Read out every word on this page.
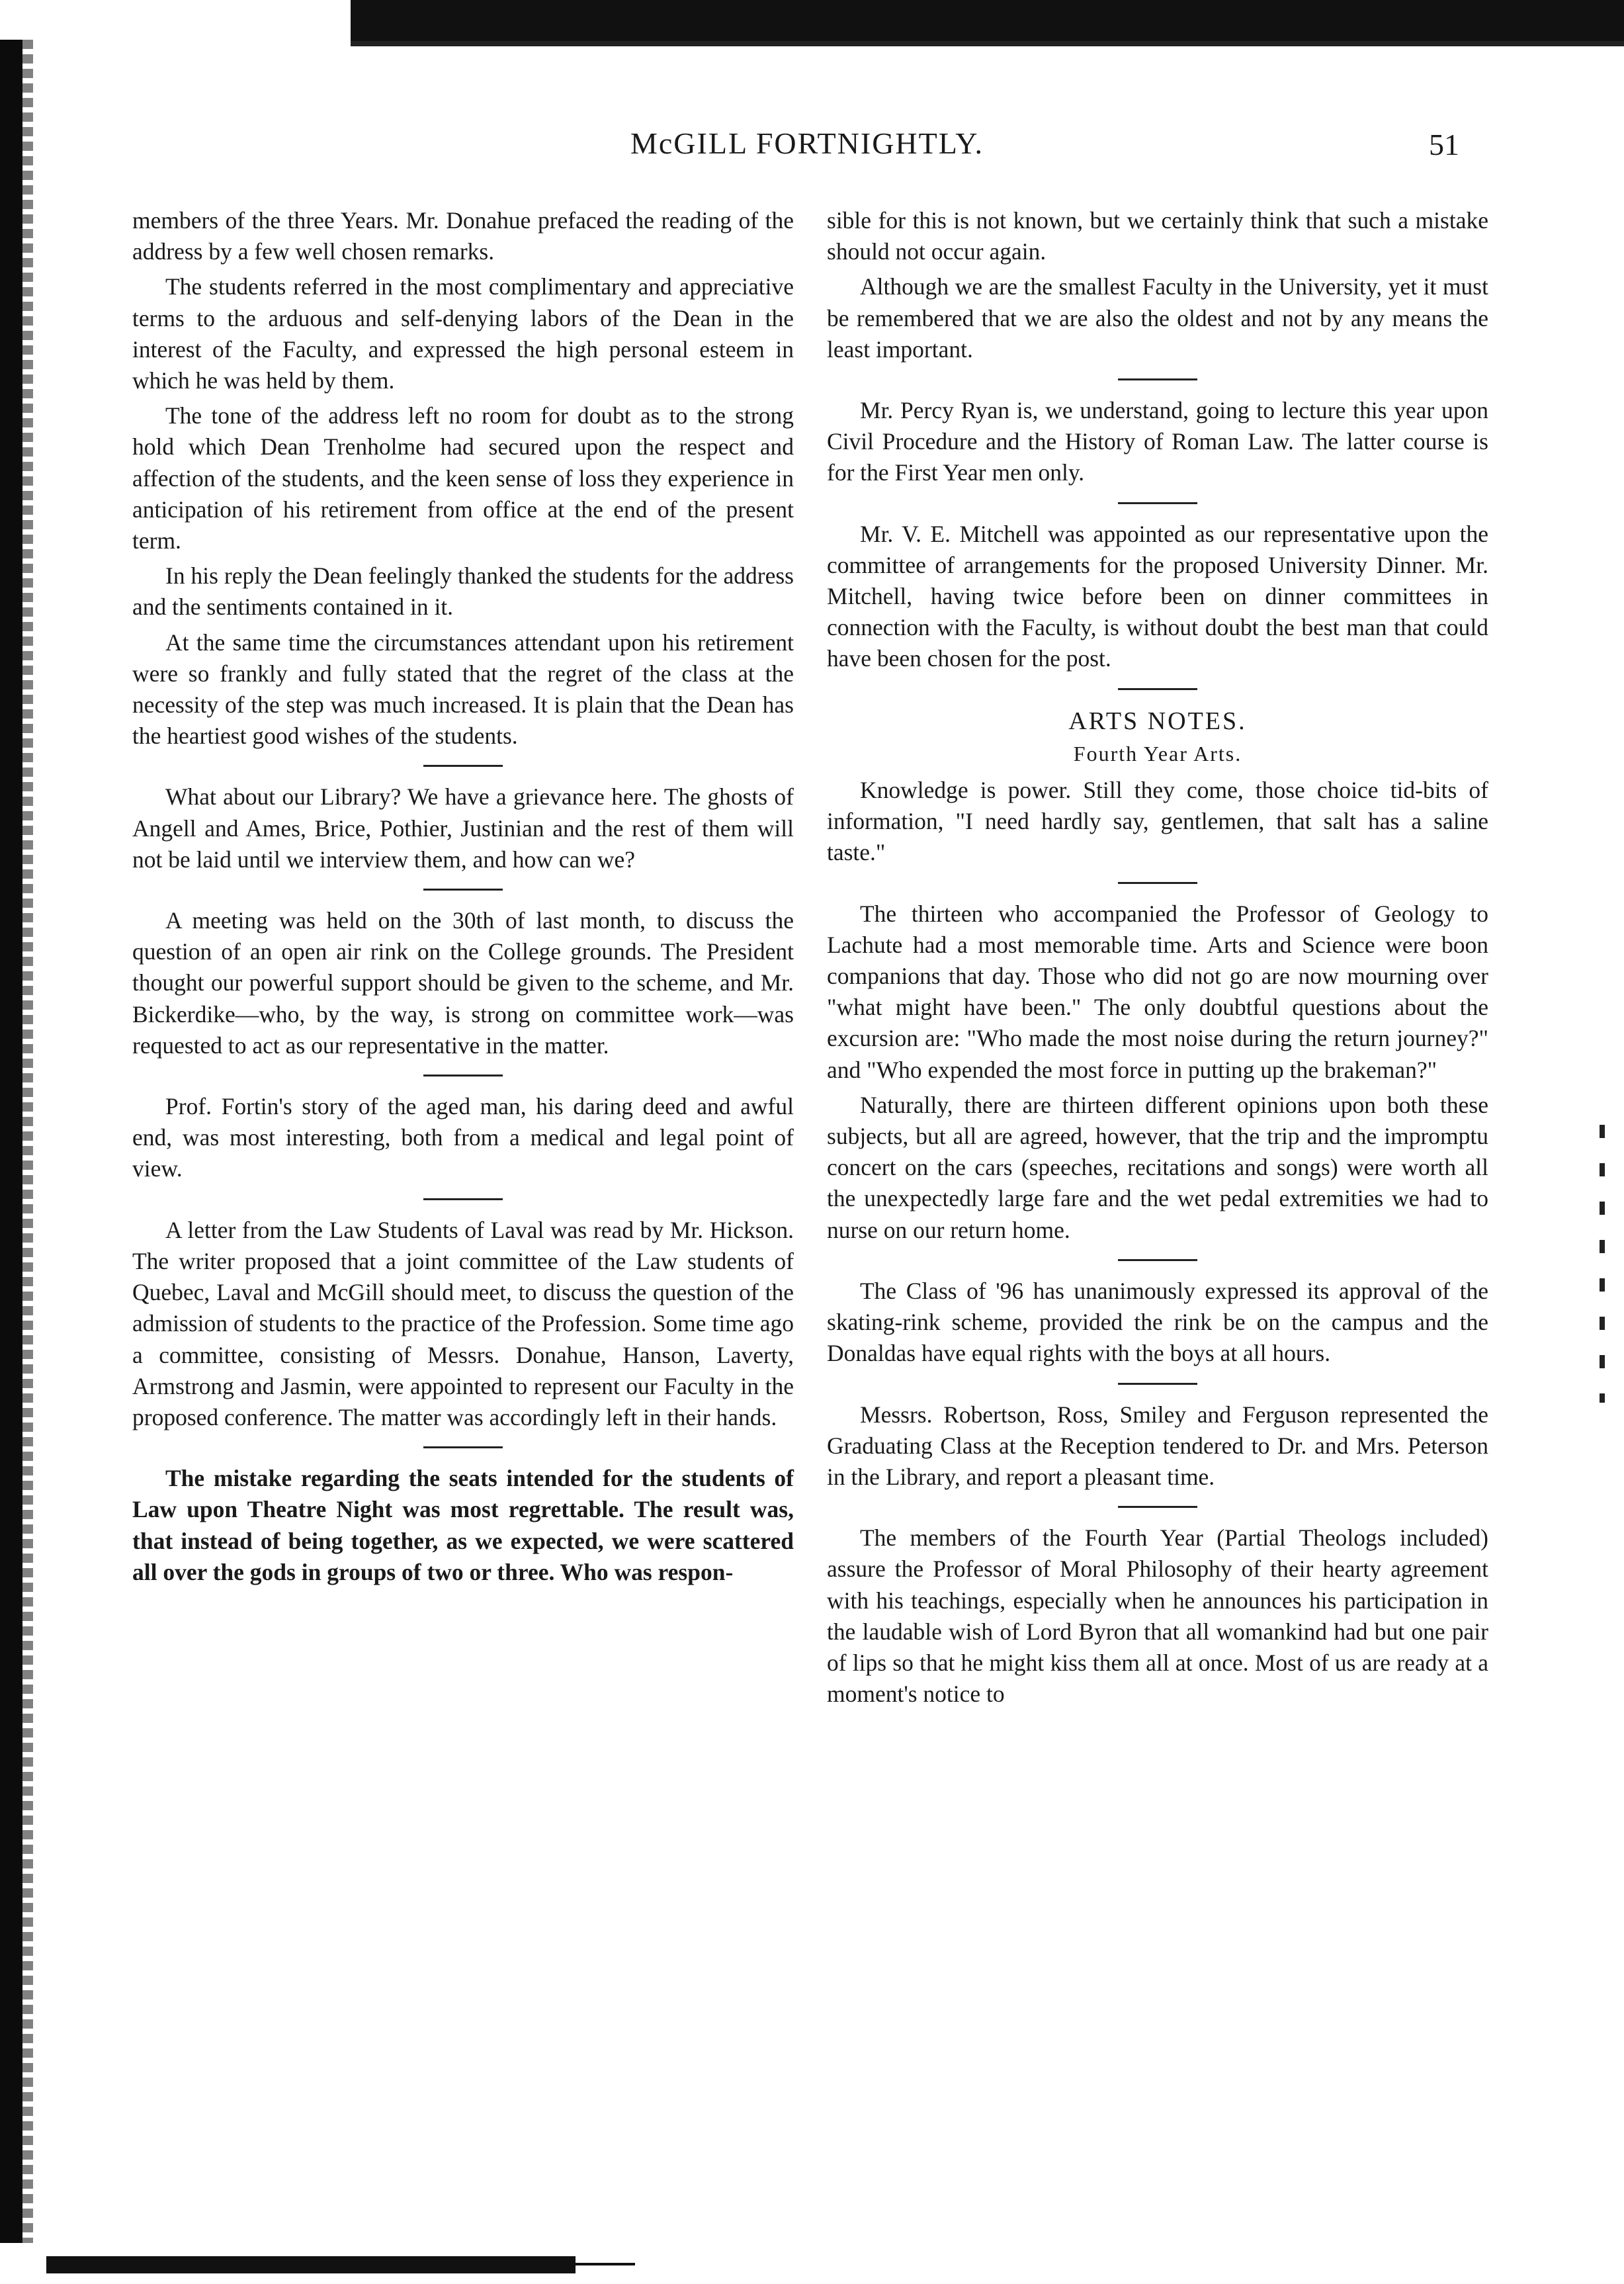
McGILL FORTNIGHTLY.	51

members of the three Years. Mr. Donahue prefaced the reading of the address by a few well chosen remarks.

The students referred in the most complimentary and appreciative terms to the arduous and self-denying labors of the Dean in the interest of the Faculty, and expressed the high personal esteem in which he was held by them.

The tone of the address left no room for doubt as to the strong hold which Dean Trenholme had secured upon the respect and affection of the students, and the keen sense of loss they experience in anticipation of his retirement from office at the end of the present term.

In his reply the Dean feelingly thanked the students for the address and the sentiments contained in it.

At the same time the circumstances attendant upon his retirement were so frankly and fully stated that the regret of the class at the necessity of the step was much increased. It is plain that the Dean has the heartiest good wishes of the students.

What about our Library? We have a grievance here. The ghosts of Angell and Ames, Brice, Pothier, Justinian and the rest of them will not be laid until we interview them, and how can we?

A meeting was held on the 30th of last month, to discuss the question of an open air rink on the College grounds. The President thought our powerful support should be given to the scheme, and Mr. Bickerdike—who, by the way, is strong on committee work—was requested to act as our representative in the matter.

Prof. Fortin's story of the aged man, his daring deed and awful end, was most interesting, both from a medical and legal point of view.

A letter from the Law Students of Laval was read by Mr. Hickson. The writer proposed that a joint committee of the Law students of Quebec, Laval and McGill should meet, to discuss the question of the admission of students to the practice of the Profession. Some time ago a committee, consisting of Messrs. Donahue, Hanson, Laverty, Armstrong and Jasmin, were appointed to represent our Faculty in the proposed conference. The matter was accordingly left in their hands.

The mistake regarding the seats intended for the students of Law upon Theatre Night was most regrettable. The result was, that instead of being together, as we expected, we were scattered all over the gods in groups of two or three. Who was respon-

sible for this is not known, but we certainly think that such a mistake should not occur again.

Although we are the smallest Faculty in the University, yet it must be remembered that we are also the oldest and not by any means the least important.

Mr. Percy Ryan is, we understand, going to lecture this year upon Civil Procedure and the History of Roman Law. The latter course is for the First Year men only.

Mr. V. E. Mitchell was appointed as our representative upon the committee of arrangements for the proposed University Dinner. Mr. Mitchell, having twice before been on dinner committees in connection with the Faculty, is without doubt the best man that could have been chosen for the post.

ARTS NOTES.
Fourth Year Arts.

Knowledge is power. Still they come, those choice tid-bits of information, "I need hardly say, gentlemen, that salt has a saline taste."

The thirteen who accompanied the Professor of Geology to Lachute had a most memorable time. Arts and Science were boon companions that day. Those who did not go are now mourning over "what might have been." The only doubtful questions about the excursion are: "Who made the most noise during the return journey?" and "Who expended the most force in putting up the brakeman?"

Naturally, there are thirteen different opinions upon both these subjects, but all are agreed, however, that the trip and the impromptu concert on the cars (speeches, recitations and songs) were worth all the unexpectedly large fare and the wet pedal extremities we had to nurse on our return home.

The Class of '96 has unanimously expressed its approval of the skating-rink scheme, provided the rink be on the campus and the Donaldas have equal rights with the boys at all hours.

Messrs. Robertson, Ross, Smiley and Ferguson represented the Graduating Class at the Reception tendered to Dr. and Mrs. Peterson in the Library, and report a pleasant time.

The members of the Fourth Year (Partial Theologs included) assure the Professor of Moral Philosophy of their hearty agreement with his teachings, especially when he announces his participation in the laudable wish of Lord Byron that all womankind had but one pair of lips so that he might kiss them all at once. Most of us are ready at a moment's notice to
